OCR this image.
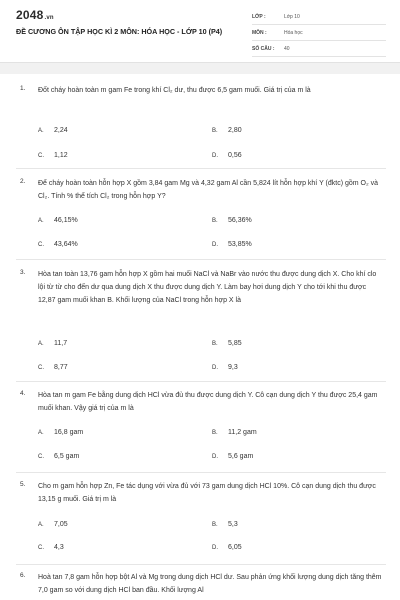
2048.vn
ĐỀ CƯƠNG ÔN TẬP HỌC KÌ 2 MÔN: HÓA HỌC - LỚP 10 (P4)
LỚP :	Lớp 10
MÔN :	Hóa học
SỐ CÂU :	40
1. Đốt cháy hoàn toàn m gam Fe trong khí Cl₂ dư, thu được 6,5 gam muối. Giá trị của m là
A. 2,24	B. 2,80
C. 1,12	D. 0,56
2. Để cháy hoàn toàn hỗn hợp X gồm 3,84 gam Mg và 4,32 gam Al cần 5,824 lít hỗn hợp khí Y (đktc) gồm O₂ và Cl₂. Tính % thể tích Cl₂ trong hỗn hợp Y?
A. 46,15%	B. 56,36%
C. 43,64%	D. 53,85%
3. Hòa tan toàn 13,76 gam hỗn hợp X gồm hai muối NaCl và NaBr vào nước thu được dung dịch X. Cho khí clo lội từ từ cho đến dư qua dung dịch X thu được dung dịch Y. Làm bay hơi dung dịch Y cho tới khi thu được 12,87 gam muối khan B. Khối lượng của NaCl trong hỗn hợp X là
A. 11,7	B. 5,85
C. 8,77	D. 9,3
4. Hòa tan m gam Fe bằng dung dịch HCl vừa đủ thu được dung dịch Y. Cô cạn dung dịch Y thu được 25,4 gam muối khan. Vậy giá trị của m là
A. 16,8 gam	B. 11,2 gam
C. 6,5 gam	D. 5,6 gam
5. Cho m gam hỗn hợp Zn, Fe tác dụng với vừa đủ với 73 gam dung dịch HCl 10%. Cô cạn dung dịch thu được 13,15 g muối. Giá trị m là
A. 7,05	B. 5,3
C. 4,3	D. 6,05
6. Hoà tan 7,8 gam hỗn hợp bột Al và Mg trong dung dịch HCl dư. Sau phản ứng khối lượng dung dịch tăng thêm 7,0 gam so với dung dịch HCl ban đầu. Khối lượng Al
